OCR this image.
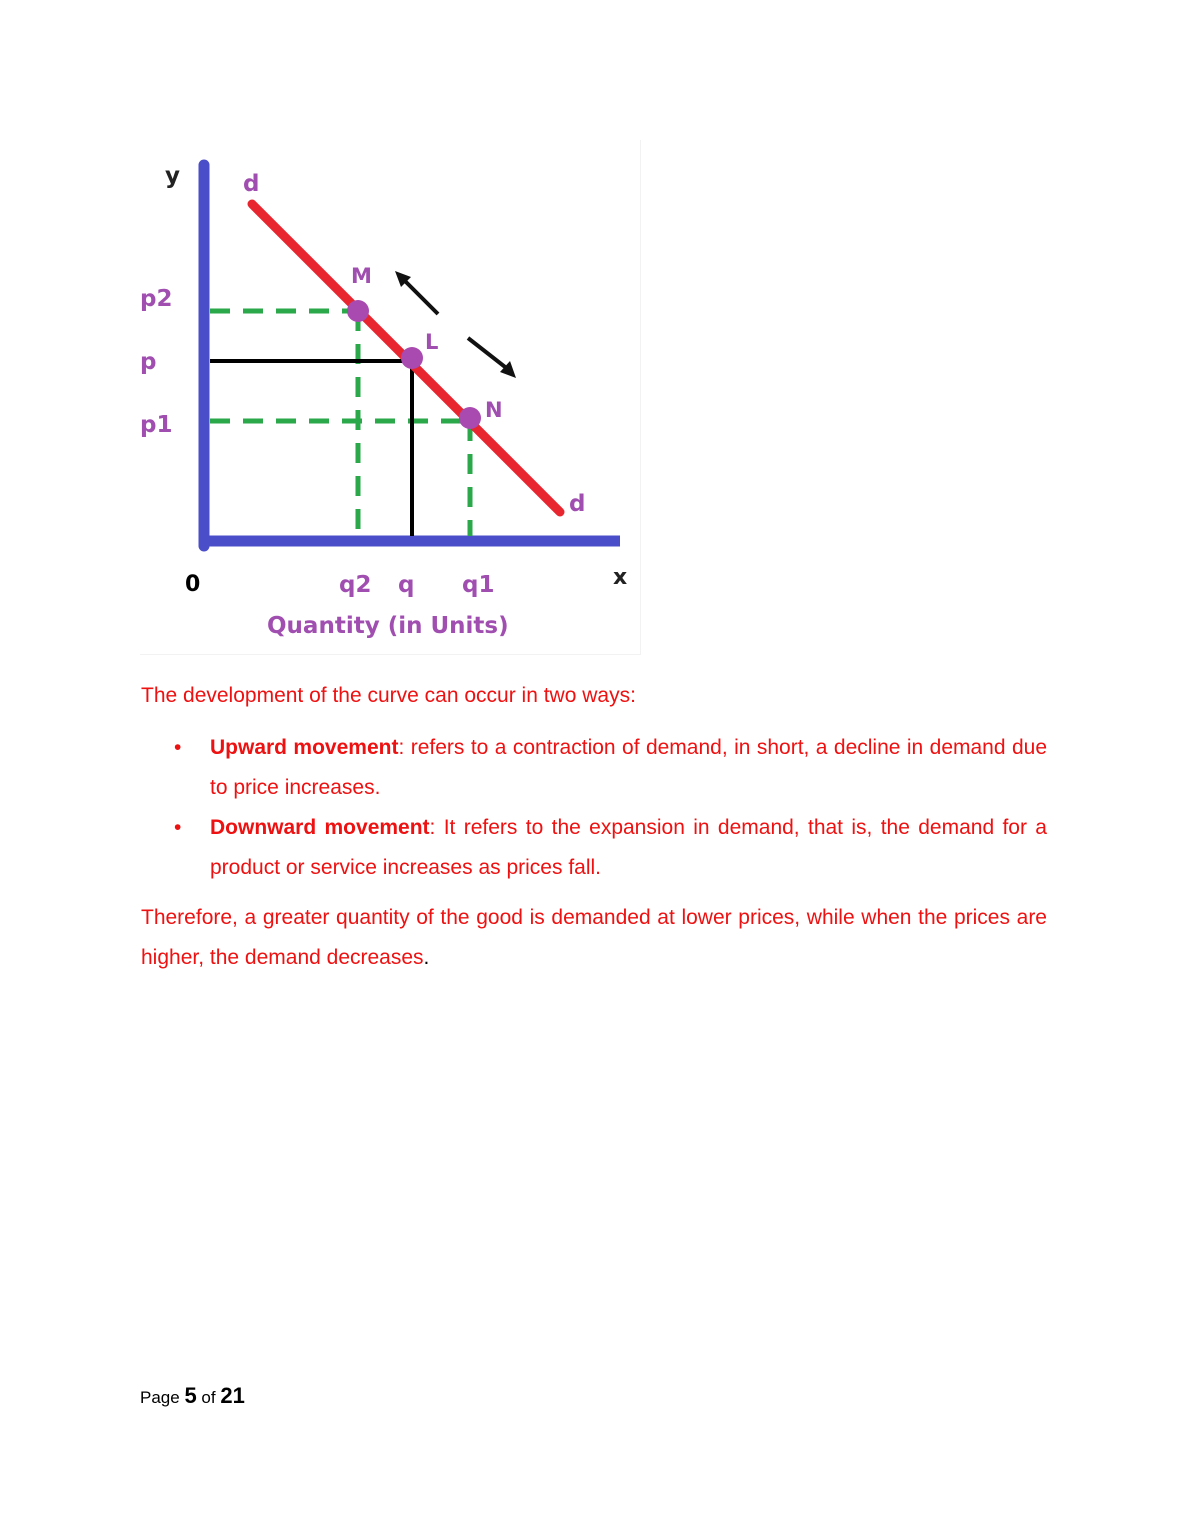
y	d
d
p2
p
p1
M
L
N
0	q2 q q1	x
Quantity (in Units)

The development of the curve can occur in two ways:

• Upward movement: refers to a contraction of demand, in short, a decline in demand due to price increases.
• Downward movement: It refers to the expansion in demand, that is, the demand for a product or service increases as prices fall.

Therefore, a greater quantity of the good is demanded at lower prices, while when the prices are higher, the demand decreases.

Page 5 of 21
